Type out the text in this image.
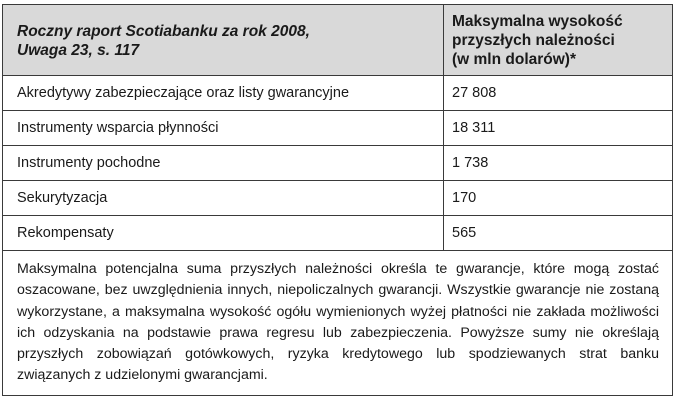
Roczny raport Scotiabanku za rok 2008,
Uwaga 23, s. 117	Maksymalna wysokość
przyszłych należności
(w mln dolarów)*

Akredytywy zabezpieczające oraz listy gwarancyjne	27 808
Instrumenty wsparcia płynności	18 311
Instrumenty pochodne	1 738
Sekurytyzacja	170
Rekompensaty	565
Maksymalna potencjalna suma przyszłych należności określa te gwarancje, które mogą zostać oszacowane, bez uwzględnienia innych, niepoliczalnych gwarancji. Wszystkie gwarancje nie zostaną wykorzystane, a maksymalna wysokość ogółu wymienionych wyżej płatności nie zakłada możliwości ich odzyskania na podstawie prawa regresu lub zabezpieczenia. Powyższe sumy nie określają przyszłych zobowiązań gotówkowych, ryzyka kredytowego lub spodziewanych strat banku związanych z udzielonymi gwarancjami.	
